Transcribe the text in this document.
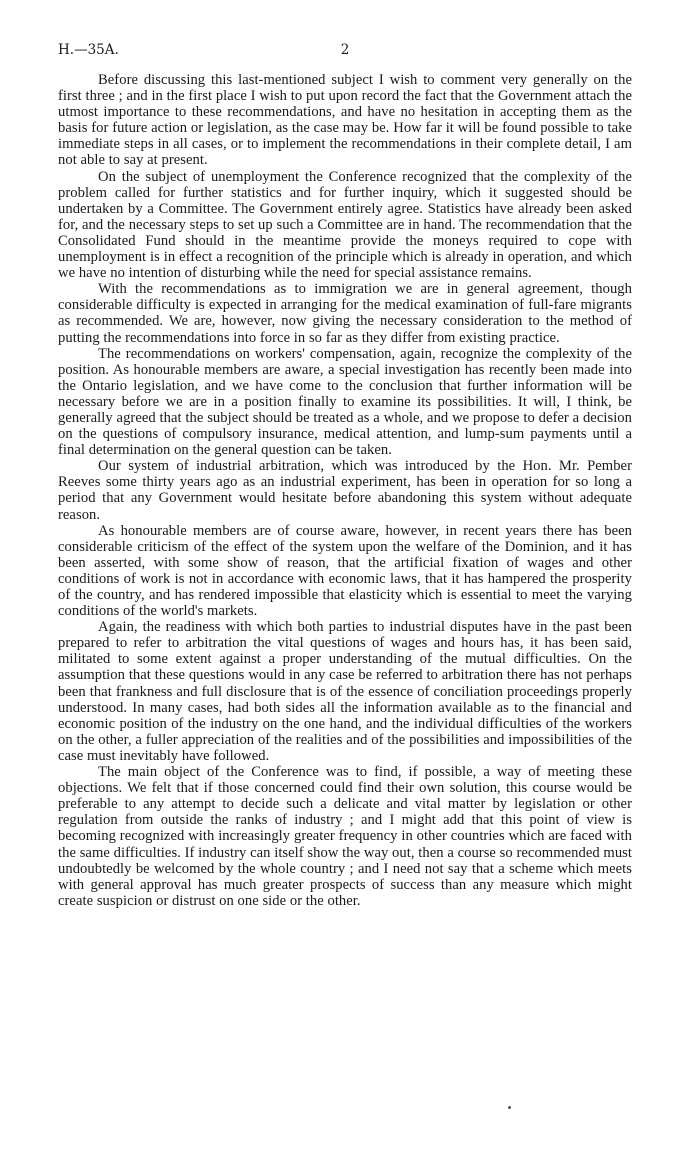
H.—35A.	2

Before discussing this last-mentioned subject I wish to comment very generally on the first three ; and in the first place I wish to put upon record the fact that the Government attach the utmost importance to these recommendations, and have no hesitation in accepting them as the basis for future action or legislation, as the case may be. How far it will be found possible to take immediate steps in all cases, or to implement the recommendations in their complete detail, I am not able to say at present.

On the subject of unemployment the Conference recognized that the complexity of the problem called for further statistics and for further inquiry, which it suggested should be undertaken by a Committee. The Government entirely agree. Statistics have already been asked for, and the necessary steps to set up such a Committee are in hand. The recommendation that the Consolidated Fund should in the meantime provide the moneys required to cope with unemployment is in effect a recognition of the principle which is already in operation, and which we have no intention of disturbing while the need for special assistance remains.

With the recommendations as to immigration we are in general agreement, though considerable difficulty is expected in arranging for the medical examination of full-fare migrants as recommended. We are, however, now giving the necessary consideration to the method of putting the recommendations into force in so far as they differ from existing practice.

The recommendations on workers' compensation, again, recognize the complexity of the position. As honourable members are aware, a special investigation has recently been made into the Ontario legislation, and we have come to the conclusion that further information will be necessary before we are in a position finally to examine its possibilities. It will, I think, be generally agreed that the subject should be treated as a whole, and we propose to defer a decision on the questions of compulsory insurance, medical attention, and lump-sum payments until a final determination on the general question can be taken.

Our system of industrial arbitration, which was introduced by the Hon. Mr. Pember Reeves some thirty years ago as an industrial experiment, has been in operation for so long a period that any Government would hesitate before abandoning this system without adequate reason.

As honourable members are of course aware, however, in recent years there has been considerable criticism of the effect of the system upon the welfare of the Dominion, and it has been asserted, with some show of reason, that the artificial fixation of wages and other conditions of work is not in accordance with economic laws, that it has hampered the prosperity of the country, and has rendered impossible that elasticity which is essential to meet the varying conditions of the world's markets.

Again, the readiness with which both parties to industrial disputes have in the past been prepared to refer to arbitration the vital questions of wages and hours has, it has been said, militated to some extent against a proper understanding of the mutual difficulties. On the assumption that these questions would in any case be referred to arbitration there has not perhaps been that frankness and full disclosure that is of the essence of conciliation proceedings properly understood. In many cases, had both sides all the information available as to the financial and economic position of the industry on the one hand, and the individual difficulties of the workers on the other, a fuller appreciation of the realities and of the possibilities and impossibilities of the case must inevitably have followed.

The main object of the Conference was to find, if possible, a way of meeting these objections. We felt that if those concerned could find their own solution, this course would be preferable to any attempt to decide such a delicate and vital matter by legislation or other regulation from outside the ranks of industry ; and I might add that this point of view is becoming recognized with increasingly greater frequency in other countries which are faced with the same difficulties. If industry can itself show the way out, then a course so recommended must undoubtedly be welcomed by the whole country ; and I need not say that a scheme which meets with general approval has much greater prospects of success than any measure which might create suspicion or distrust on one side or the other.
